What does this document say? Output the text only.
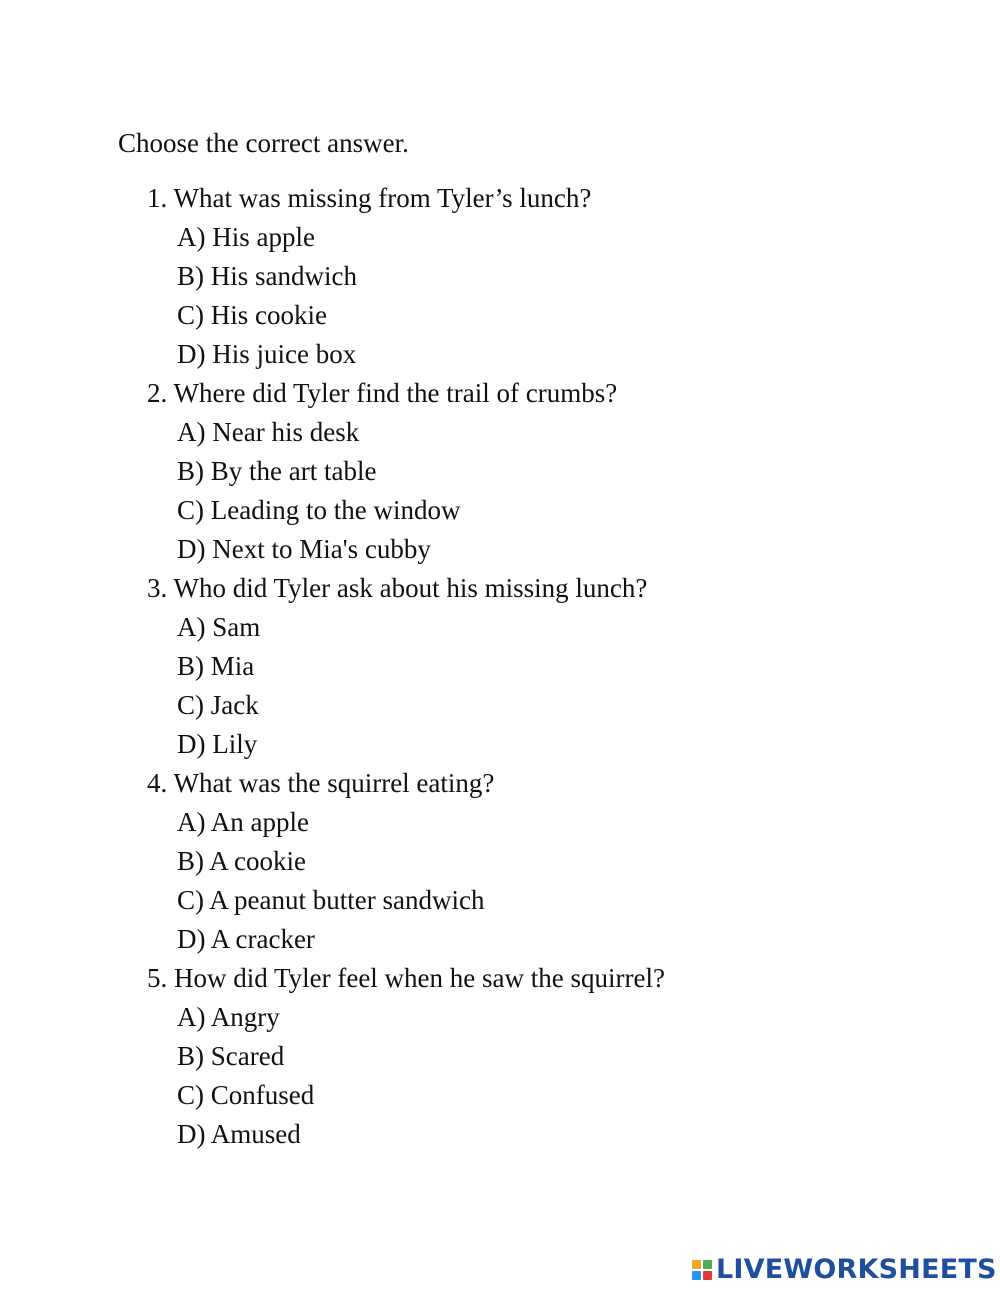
Choose the correct answer.
1. What was missing from Tyler’s lunch?
A) His apple
B) His sandwich
C) His cookie
D) His juice box
2. Where did Tyler find the trail of crumbs?
A) Near his desk
B) By the art table
C) Leading to the window
D) Next to Mia's cubby
3. Who did Tyler ask about his missing lunch?
A) Sam
B) Mia
C) Jack
D) Lily
4. What was the squirrel eating?
A) An apple
B) A cookie
C) A peanut butter sandwich
D) A cracker
5. How did Tyler feel when he saw the squirrel?
A) Angry
B) Scared
C) Confused
D) Amused
LIVEWORKSHEETS
